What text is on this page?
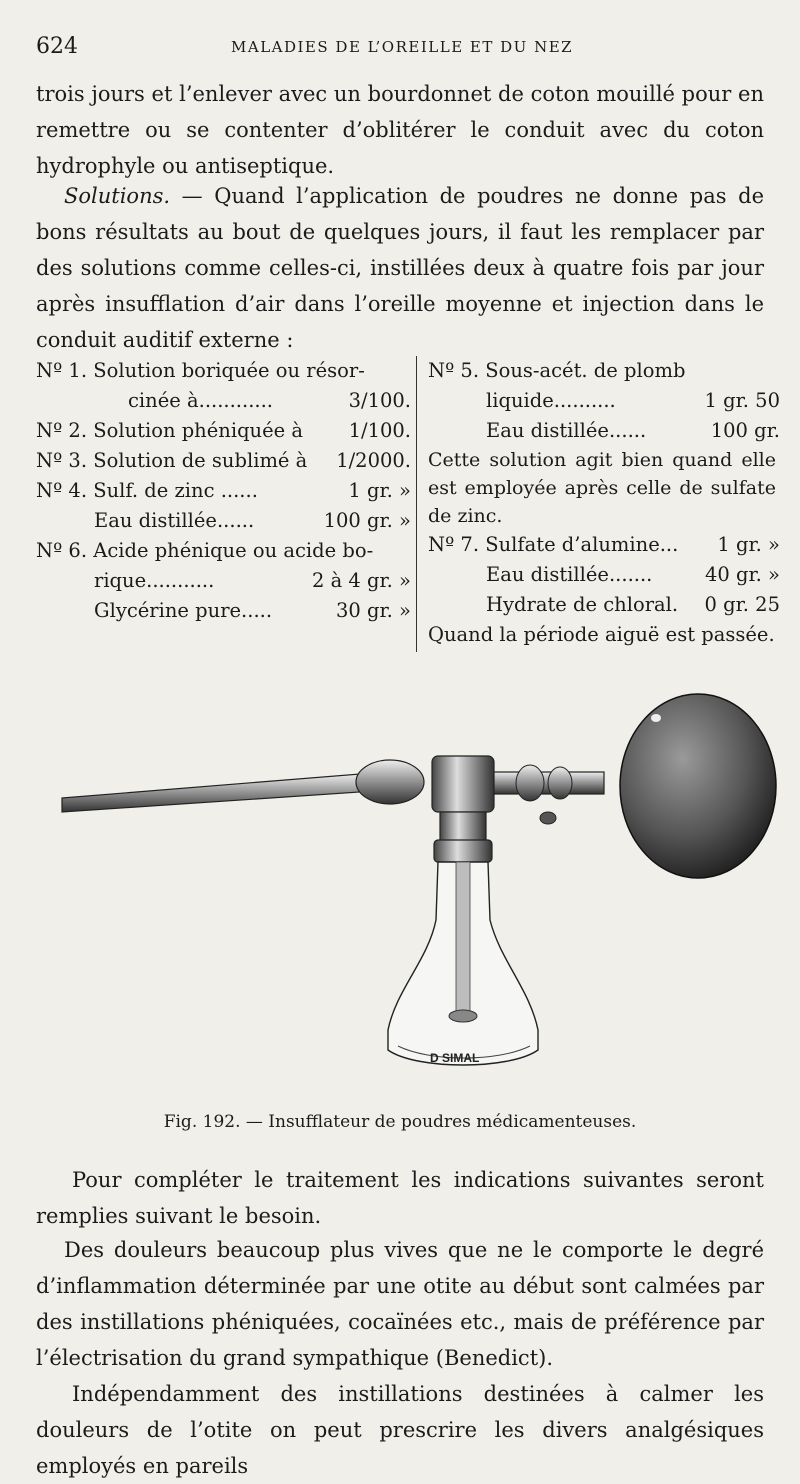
624	MALADIES DE L’OREILLE ET DU NEZ
trois jours et l’enlever avec un bourdonnet de coton mouillé pour en remettre ou se contenter d’oblitérer le conduit avec du coton hydrophyle ou antiseptique.
Solutions. — Quand l’application de poudres ne donne pas de bons résultats au bout de quelques jours, il faut les remplacer par des solutions comme celles-ci, instillées deux à quatre fois par jour après insufflation d’air dans l’oreille moyenne et injection dans le conduit auditif externe :
Nº 1. Solution boriquée ou résor-
cinée à............	3/100.
Nº 2. Solution phéniquée à 1/100.
Nº 3. Solution de sublimé à 1/2000.
Nº 4. Sulf. de zinc ......	1 gr. »
Eau distillée......	100 gr. »
Nº 6. Acide phénique ou acide bo-
rique...........	2 à 4 gr. »
Glycérine pure.....	30 gr. »
Nº 5. Sous-acét. de plomb
liquide..........	1 gr. 50
Eau distillée......	100 gr.
Cette solution agit bien quand elle est employée après celle de sulfate de zinc.
Nº 7. Sulfate d’alumine... 1 gr. »
Eau distillée.......	40 gr. »
Hydrate de chloral. 0 gr. 25
Quand la période aiguë est passée.
D SIMAL
Fig. 192. — Insufflateur de poudres médicamenteuses.
Pour compléter le traitement les indications suivantes seront remplies suivant le besoin.
Des douleurs beaucoup plus vives que ne le comporte le degré d’inflammation déterminée par une otite au début sont calmées par des instillations phéniquées, cocaïnées etc., mais de préférence par l’électrisation du grand sympathique (Benedict).
Indépendamment des instillations destinées à calmer les douleurs de l’otite on peut prescrire les divers analgésiques employés en pareils
